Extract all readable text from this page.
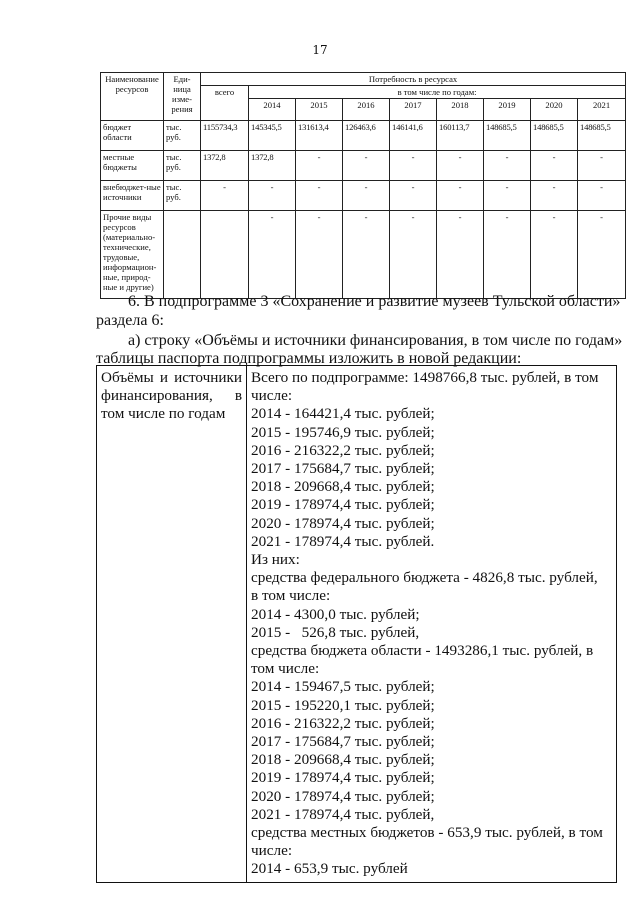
17
Наименование ресурсов	Еди-ница изме-рения	Потребность в ресурсах								
		всего	в том числе по годам:							
			2014	2015	2016	2017	2018	2019	2020	2021
бюджет области	тыс. руб.	1155734,3	145345,5	131613,4	126463,6	146141,6	160113,7	148685,5	148685,5	148685,5
местные бюджеты	тыс. руб.	1372,8	1372,8	-	-	-	-	-	-	-
внебюджет-ные источники	тыс. руб.	-	-	-	-	-	-	-	-	-
Прочие виды ресурсов (материально-технические, трудовые, информацион-ные, природ-ные и другие)			-	-	-	-	-	-	-	-
6. В подпрограмме 3 «Сохранение и развитие музеев Тульской области»
раздела 6:
а) строку «Объёмы и источники финансирования, в том числе по годам»
таблицы паспорта подпрограммы изложить в новой редакции:
Объёмы и источники финансирования, в том числе по годам	
Всего по подпрограмме: 1498766,8 тыс. рублей, в том
числе:
2014 - 164421,4 тыс. рублей;
2015 - 195746,9 тыс. рублей;
2016 - 216322,2 тыс. рублей;
2017 - 175684,7 тыс. рублей;
2018 - 209668,4 тыс. рублей;
2019 - 178974,4 тыс. рублей;
2020 - 178974,4 тыс. рублей;
2021 - 178974,4 тыс. рублей.
Из них:
средства федерального бюджета - 4826,8 тыс. рублей,
в том числе:
2014 - 4300,0 тыс. рублей;
2015 -   526,8 тыс. рублей,
средства бюджета области - 1493286,1 тыс. рублей, в
том числе:
2014 - 159467,5 тыс. рублей;
2015 - 195220,1 тыс. рублей;
2016 - 216322,2 тыс. рублей;
2017 - 175684,7 тыс. рублей;
2018 - 209668,4 тыс. рублей;
2019 - 178974,4 тыс. рублей;
2020 - 178974,4 тыс. рублей;
2021 - 178974,4 тыс. рублей,
средства местных бюджетов - 653,9 тыс. рублей, в том
числе:
2014 - 653,9 тыс. рублей
